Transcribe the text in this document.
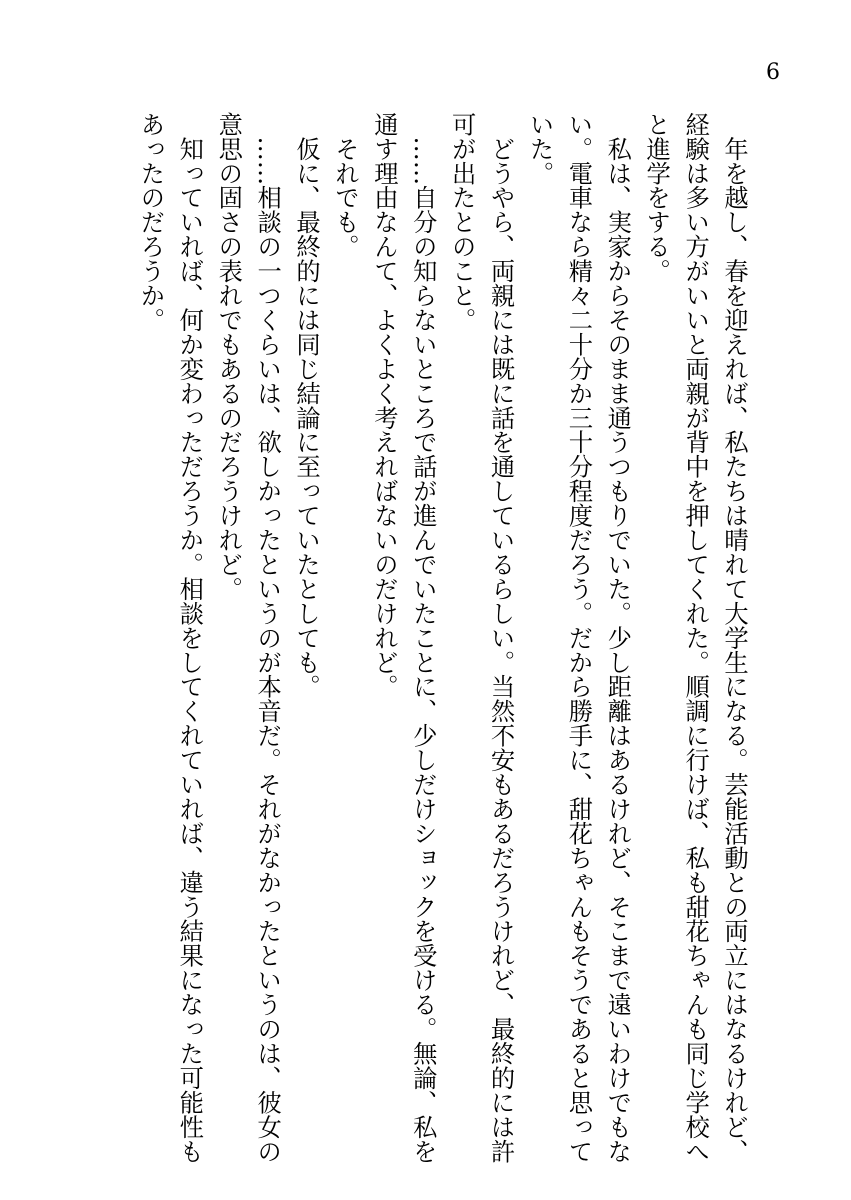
6
　年を越し、春を迎えれば、私たちは晴れて大学生になる。芸能活動との両立にはなるけれど、
経験は多い方がいいと両親が背中を押してくれた。順調に行けば、私も甜花ちゃんも同じ学校へ
と進学をする。
　私は、実家からそのまま通うつもりでいた。少し距離はあるけれど、そこまで遠いわけでもな
い。電車なら精々二十分か三十分程度だろう。だから勝手に、甜花ちゃんもそうであると思って
いた。
　どうやら、両親には既に話を通しているらしい。当然不安もあるだろうけれど、最終的には許
可が出たとのこと。
　……自分の知らないところで話が進んでいたことに、少しだけショックを受ける。無論、私を
通す理由なんて、よくよく考えればないのだけれど。
　それでも。
　仮に、最終的には同じ結論に至っていたとしても。
　……相談の一つくらいは、欲しかったというのが本音だ。それがなかったというのは、彼女の
意思の固さの表れでもあるのだろうけれど。
　知っていれば、何か変わっただろうか。相談をしてくれていれば、違う結果になった可能性も
あったのだろうか。
